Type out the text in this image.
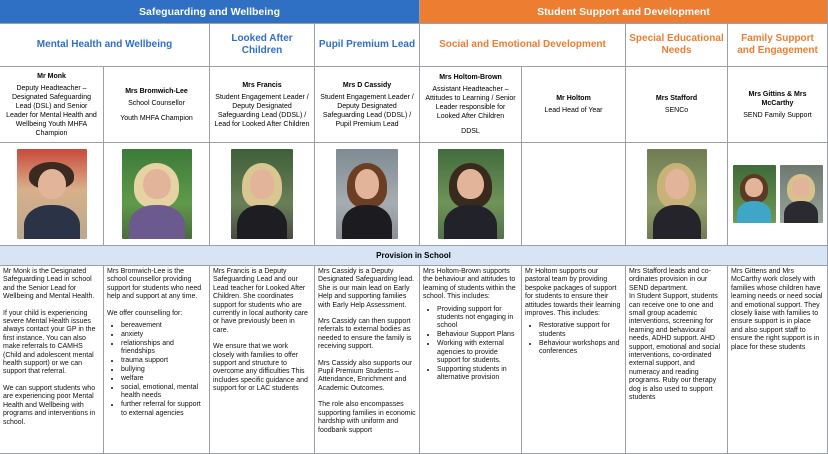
Safeguarding and Wellbeing	Student Support and Development
Mental Health and Wellbeing
Looked After Children
Pupil Premium Lead	Social and Emotional Development
Special Educational Needs
Family Support and Engagement
Mr Monk
Deputy Headteacher – Designated Safeguarding Lead (DSL) and Senior Leader for Mental Health and Wellbeing Youth MHFA Champion
Mrs Bromwich-Lee
School Counsellor
Youth MHFA Champion
Mrs Francis
Student Engagement Leader / Deputy Designated Safeguarding Lead (DDSL) / Lead for Looked After Children
Mrs D Cassidy
Student Engagement Leader / Deputy Designated Safeguarding Lead (DDSL) / Pupil Premium Lead
Mrs Holtom-Brown
Assistant Headteacher – Attitudes to Learning / Senior Leader responsible for Looked After Children
DDSL
Mr Holtom
Lead Head of Year
Mrs Stafford
SENCo
Mrs Gittins & Mrs McCarthy
SEND Family Support
Provision in School

Mr Monk is the Designated Safeguarding Lead in school and the Senior Lead for Wellbeing and Mental Health.

If your child is experiencing severe Mental Health issues always contact your GP in the first instance. You can also make referrals to CAMHS (Child and adolescent mental health support) or we can support that referral.

We can support students who are experiencing poor Mental Health and Wellbeing with programs and interventions in school.

Mrs Bromwich-Lee is the school counsellor providing support for students who need help and support at any time.

We offer counselling for:
• bereavement
• anxiety
• relationships and friendships
• trauma support
• bullying
• welfare
• social, emotional, mental health needs
• further referral for support to external agencies

Mrs Francis is a Deputy Safeguarding Lead and our Lead teacher for Looked After Children. She coordinates support for students who are currently in local authority care or have previously been in care.

We ensure that we work closely with families to offer support and structure to overcome any difficulties This includes specific guidance and support for or LAC students

Mrs Cassidy is a Deputy Designated Safeguarding lead. She is our main lead on Early Help and supporting families with Early Help Assessment.

Mrs Cassidy can then support referrals to external bodies as needed to ensure the family is receiving support.

Mrs Cassidy also supports our Pupil Premium Students – Attendance, Enrichment and Academic Outcomes.

The role also encompasses supporting families in economic hardship with uniform and foodbank support

Mrs Holtom-Brown supports the behaviour and attitudes to learning of students within the school. This includes:
• Providing support for students not engaging in school
• Behaviour Support Plans
• Working with external agencies to provide support for students.
• Supporting students in alternative provision
Mr Holtom supports our pastoral team by providing bespoke packages of support for students to ensure their attitudes towards their learning improves. This includes:
• Restorative support for students
• Behaviour workshops and conferences
Mrs Stafford leads and co-ordinates provision in our SEND department.
In Student Support, students can receive one to one and small group academic interventions, screening for learning and behavioural needs, ADHD support. AHD support, emotional and social interventions, co-ordinated external support, and numeracy and reading programs. Ruby our therapy dog is also used to support students

Mrs Gittens and Mrs McCarthy work closely with families whose children have learning needs or need social and emotional support. They closely liaise with families to ensure support is in place and also support staff to ensure the right support is in place for these students
